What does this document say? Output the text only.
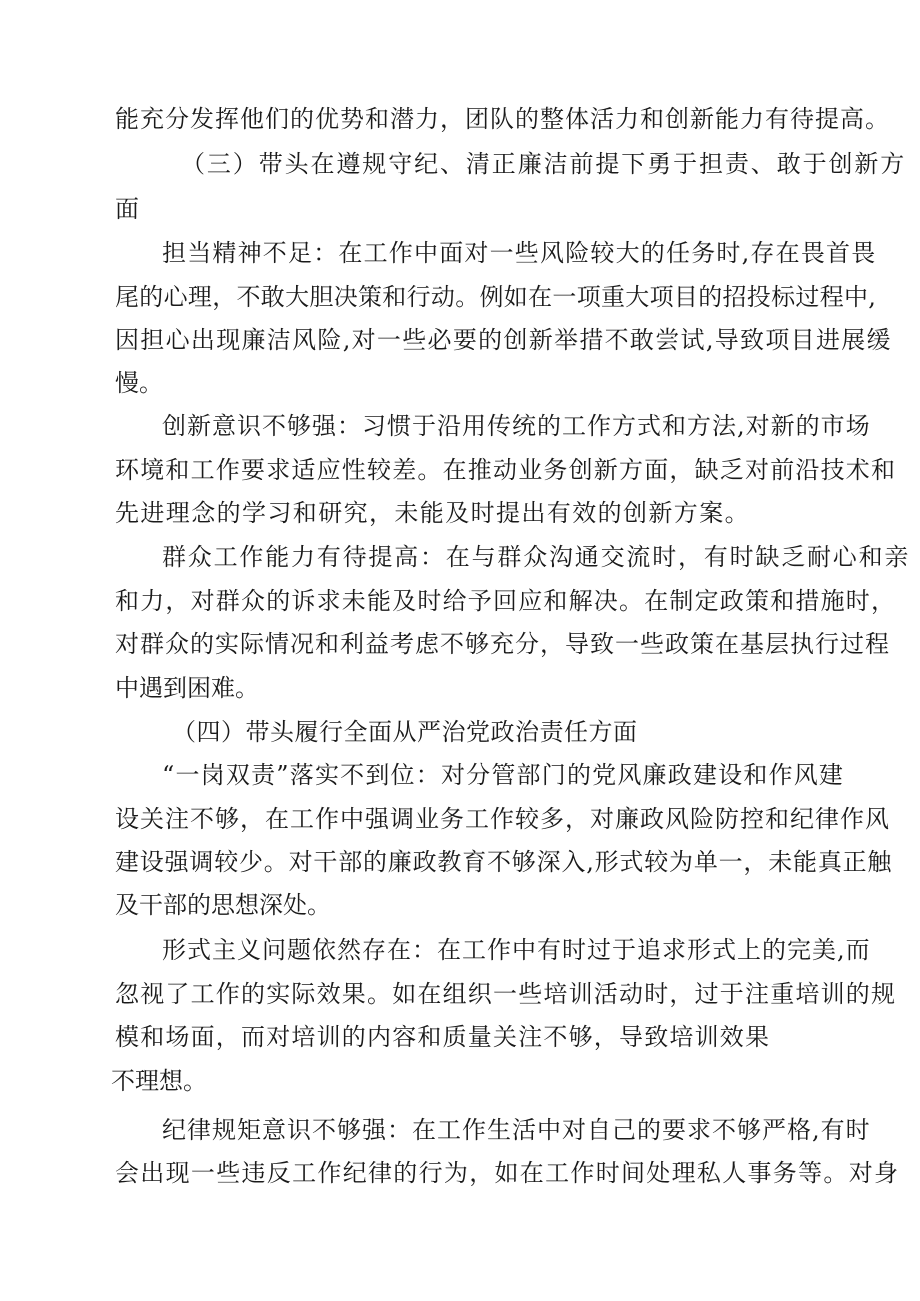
能充分发挥他们的优势和潜力，团队的整体活力和创新能力有待提高。
（三）带头在遵规守纪、清正廉洁前提下勇于担责、敢于创新方
面
担当精神不足：在工作中面对一些风险较大的任务时,存在畏首畏
尾的心理，不敢大胆决策和行动。例如在一项重大项目的招投标过程中,
因担心出现廉洁风险,对一些必要的创新举措不敢尝试,导致项目进展缓
慢。
创新意识不够强：习惯于沿用传统的工作方式和方法,对新的市场
环境和工作要求适应性较差。在推动业务创新方面，缺乏对前沿技术和
先进理念的学习和研究，未能及时提出有效的创新方案。
群众工作能力有待提高：在与群众沟通交流时，有时缺乏耐心和亲
和力，对群众的诉求未能及时给予回应和解决。在制定政策和措施时，
对群众的实际情况和利益考虑不够充分，导致一些政策在基层执行过程
中遇到困难。
（四）带头履行全面从严治党政治责任方面
“一岗双责”落实不到位：对分管部门的党风廉政建设和作风建
设关注不够，在工作中强调业务工作较多，对廉政风险防控和纪律作风
建设强调较少。对干部的廉政教育不够深入,形式较为单一，未能真正触
及干部的思想深处。
形式主义问题依然存在：在工作中有时过于追求形式上的完美,而
忽视了工作的实际效果。如在组织一些培训活动时，过于注重培训的规
模和场面，而对培训的内容和质量关注不够，导致培训效果
不理想。
纪律规矩意识不够强：在工作生活中对自己的要求不够严格,有时
会出现一些违反工作纪律的行为，如在工作时间处理私人事务等。对身
